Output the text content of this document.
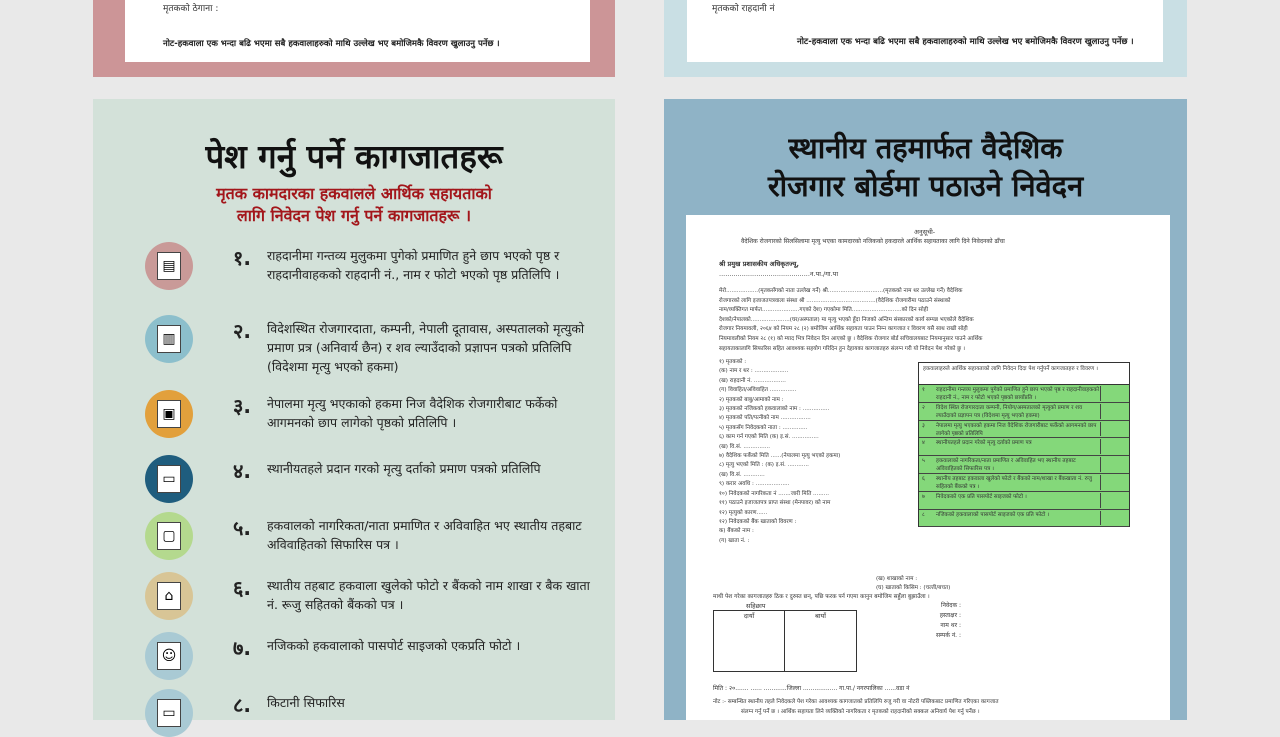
मृतकको ठेगाना :
नोट-हकवाला एक भन्दा बढि भएमा सबै हकवालाहरुको माथि उल्लेख भए बमोजिमकै विवरण खुलाउनु पर्नेछ ।
मृतकको राहदानी नं
नोट-हकवाला एक भन्दा बढि भएमा सबै हकवालाहरुको माथि उल्लेख भए बमोजिमकै विवरण खुलाउनु पर्नेछ ।
पेश गर्नु पर्ने कागजातहरू
मृतक कामदारका हकवालले आर्थिक सहायताको
लागि निवेदन पेश गर्नु पर्ने कागजातहरू ।
▤	१. राहदानीमा गन्तव्य मुलुकमा पुगेको प्रमाणित हुने छाप भएको पृष्ठ र राहदानीवाहकको राहदानी नं., नाम र फोटो भएको पृष्ठ प्रतिलिपि ।
▥	२. विदेशस्थित रोजगारदाता, कम्पनी, नेपाली दूतावास, अस्पतालको मृत्युको प्रमाण प्रत्र (अनिवार्य छैन) र शव ल्याउँदाको प्रज्ञापन पत्रको प्रतिलिपि (विदेशमा मृत्यु भएको हकमा)
▣	३. नेपालमा मृत्यु भएकाको हकमा निज वैदेशिक रोजगारीबाट फर्केको आगमनको छाप लागेको पृष्ठको प्रतिलिपि ।
▭	४. स्थानीयतहले प्रदान गरको मृत्यु दर्ताको प्रमाण पत्रको प्रतिलिपि
▢	५. हकवालको नागरिकता/नाता प्रमाणित र अविवाहित भए स्थातीय तहबाट अविवाहितको सिफारिस पत्र ।
⌂	६. स्थातीय तहबाट हकवाला खुलेको फोटो र बैंकको नाम शाखा र बैक खाता नं. रूजु सहितको बैंकको पत्र ।
☺	७. नजिकको हकवालाको पासपोर्ट साइजको एकप्रति फोटो ।
▭	८. किटानी सिफारिस
स्थानीय तहमार्फत वैदेशिक
रोजगार बोर्डमा पठाउने निवेदन
अनुसूची-
वैदेशिक रोजगारको सिलसिलामा मृत्यु भएका कामदारको नजिकको हकदारले आर्थिक सहायताका लागि दिने निवेदनको ढाँचा
श्री प्रमुख प्रशासकीय अधिकृतज्यू,
............................................न.पा./गा.पा
मेरो..................(मृतकसँगको नाता उल्लेख गर्ने) श्री...............................(मृतकको नाम थर उल्लेख गर्ने) वैदेशिक
रोजगारको लागि इजाजतपत्रवाला संस्था श्री .......................................(वैदेशिक रोजगारीमा पठाउने संस्थाको
नाम/व्यक्तिगत मार्फत.....................गएको देश) गएकोमा मिति............................को दिन सोही
देशको/नेपालको......................(घर/अस्पताल) मा मृत्यु भएको हुँदा निजको अन्तिम संस्कारको कार्य सम्पन्न भएकोले वैदेशिक
रोजगार नियमावली, २०६४ को नियम २८ (२) बमोजिम आर्थिक सहायता पाउन निम्न कागजात र विवरण यसै साथ राखी सोही
नियमावलीको नियम २८ (१) को म्याद भित्र निवेदन दिन आएको छु । वैदेशिक रोजगार बोर्ड सचिवालयबाट नियमानुसार पाउने आर्थिक
सहायताकालागि सिफारिस सहित आवश्यक सहयोग गरिदिन हुन देहायका कागजातहरु संलग्न गरी यो निवेदन पेश गरेको छु ।
१) मृतकको :
(क) नाम र थर : ...................
(ख) राहदानी नं. ..................
(ग) विवाहित/अविवाहित ...............
२) मृतकको बाबु/आमाको नाम :
३) मृतकको नजिकको हकवालाको नाम : ...............
४) मृतकको पति/पत्नीको नाम .................
५) मृतकसँग निवेदकको नाता : ..............
६) काम गर्न गएको मिति (क) इ.सं. ...............
(ख) वि.सं. ...............
७) वैदेशिक फर्केको मिति ......(नेपालमा मृत्यु भएको हकमा)
८) मृत्यु भएको मिति : (क) इ.सं. ............
(ख) वि.सं. ............
९) करार अवधि : ...................
१०) निवेदकको नागरिकता नं .......जारी मिति .........
११) पठाउने इजाजतपत्र प्राप्त संस्था (मेनपावर) को नाम
१२) मृत्युको कारण......
१२) निवेदकको बैंक खाताको विवरण :
क) बैंकको नाम :
(ग) खाता नं. :
(ख) शाखाको नाम :
(घ) खाताको किसिम : (चल्ती/बचत)
माथी पेश गरेका कागजातहरु ठिक र दुरुस्त छन्, पछि फरक पर्न गएमा कानुन बमोजिम सहुँला बुझाउँला ।
सहिछाप
दायाँ	बायाँ
निवेदक :
हस्ताक्षर :
नाम थर :
सम्पर्क नं. :
मिति : २०....... ...... ............जिल्ला .................. गा.पा./ नगरपालिका ......वडा नं
नोट :- सम्बन्धित स्थानीय तहले निवेदकले पेश गरेका आवश्यक कागजातको प्रतिलिपि रुजु गरी वा नोटरी पब्लिकबाट प्रमाणित गरिएका कागजात
संलग्न गर्नु पर्ने छ । आर्थिक सहायता लिने व्यक्तिको नागरिकता र मृतकको राहदानीको सक्कल अनिवार्य पेश गर्नु पर्नेछ ।
हकवालाहरुले आर्थिक सहायताको लागि निवेदन दिदा पेश गर्नुपर्ने कागजातहरु र विवरण ।
१	राहदानीमा गन्तव्य मुलुकमा पुगेको प्रमाणित हुने छाप भएको पृष्ठ र राहदानीवाहकको राहदानी नं., नाम र फोटो भएको पृष्ठको छायाँप्रति ।
२	विदेश स्थित रोजगारदाता कम्पनी, नियोग/अस्पतालको मृत्युको प्रमाण र शव ल्याउँदाको प्रज्ञापन पत्र (विदेशमा मृत्यु भएको हकमा)
३	नेपालमा मृत्यु भएकाको हकमा निज वैदेशिक रोजगारीबाट फर्केको आगमनको छाप लागेको पृष्ठको प्रतिलिपि
४	स्थानीयतहले प्रदान गरेको मृत्यु दर्ताको प्रमाण पत्र
५	हकवालाको नागरिकता/नाता प्रमाणित र अविवाहित भए स्थानीय तहबाट अविवाहितको सिफारिस पत्र ।
६	स्थानीय तहबाट हकवाला खुलेको फोटो र बैंकको नाम/शाखा र बैंकखाता नं. रुजु सहितको बैंकको पत्र ।
७	निवेदकको एक प्रति पासपोर्ट साइजको फोटो ।
८	नजिकको हकवालाको पासपोर्ट साइजको एक प्रति फोटो ।
